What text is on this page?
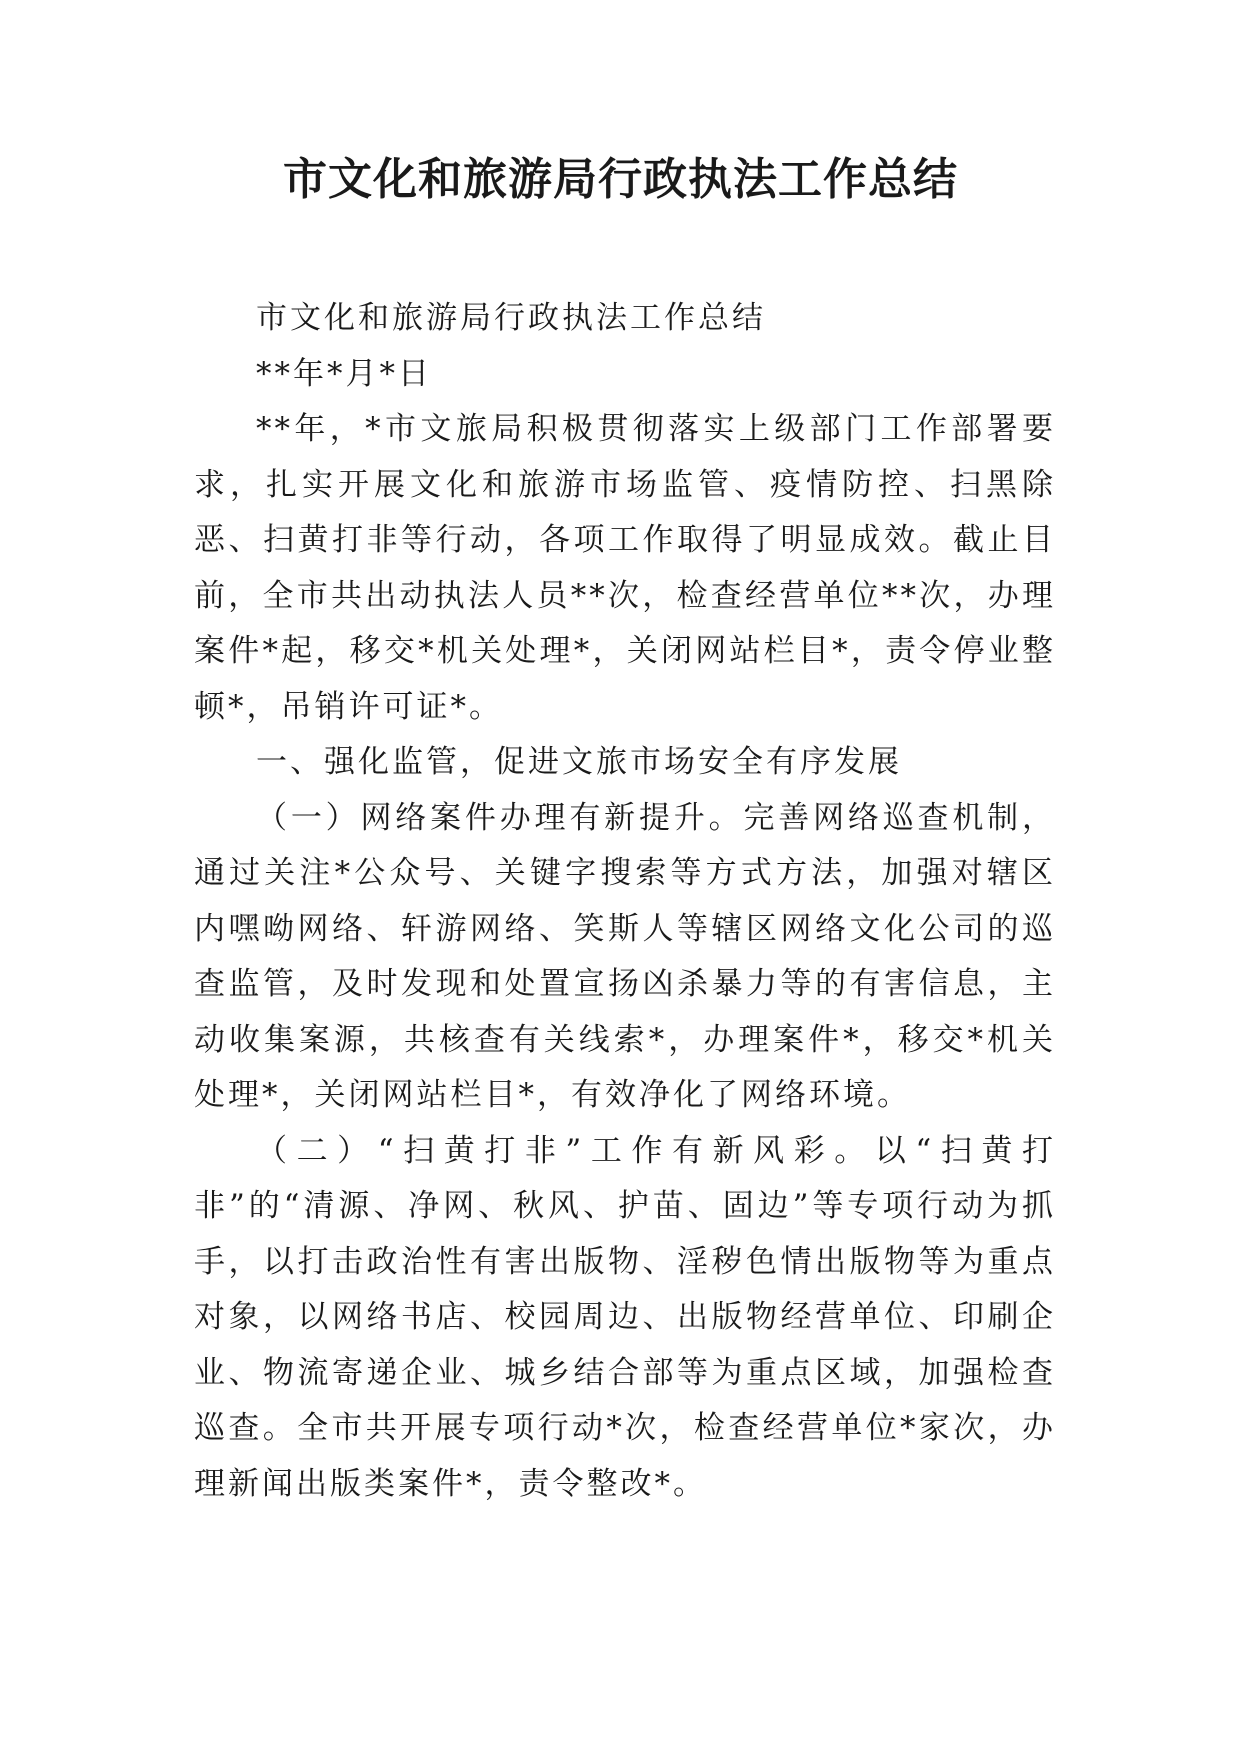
市文化和旅游局行政执法工作总结

市文化和旅游局行政执法工作总结

**年*月*日

**年，*市文旅局积极贯彻落实上级部门工作部署要求，扎实开展文化和旅游市场监管、疫情防控、扫黑除恶、扫黄打非等行动，各项工作取得了明显成效。截止目前，全市共出动执法人员**次，检查经营单位**次，办理案件*起，移交*机关处理*，关闭网站栏目*，责令停业整顿*，吊销许可证*。

一、强化监管，促进文旅市场安全有序发展

（一）网络案件办理有新提升。完善网络巡查机制，通过关注*公众号、关键字搜索等方式方法，加强对辖区内嘿呦网络、轩游网络、笑斯人等辖区网络文化公司的巡查监管，及时发现和处置宣扬凶杀暴力等的有害信息，主动收集案源，共核查有关线索*，办理案件*，移交*机关处理*，关闭网站栏目*，有效净化了网络环境。

（二）“扫黄打非”工作有新风彩。以“扫黄打非”的“清源、净网、秋风、护苗、固边”等专项行动为抓手，以打击政治性有害出版物、淫秽色情出版物等为重点对象，以网络书店、校园周边、出版物经营单位、印刷企业、物流寄递企业、城乡结合部等为重点区域，加强检查巡查。全市共开展专项行动*次，检查经营单位*家次，办理新闻出版类案件*，责令整改*。
